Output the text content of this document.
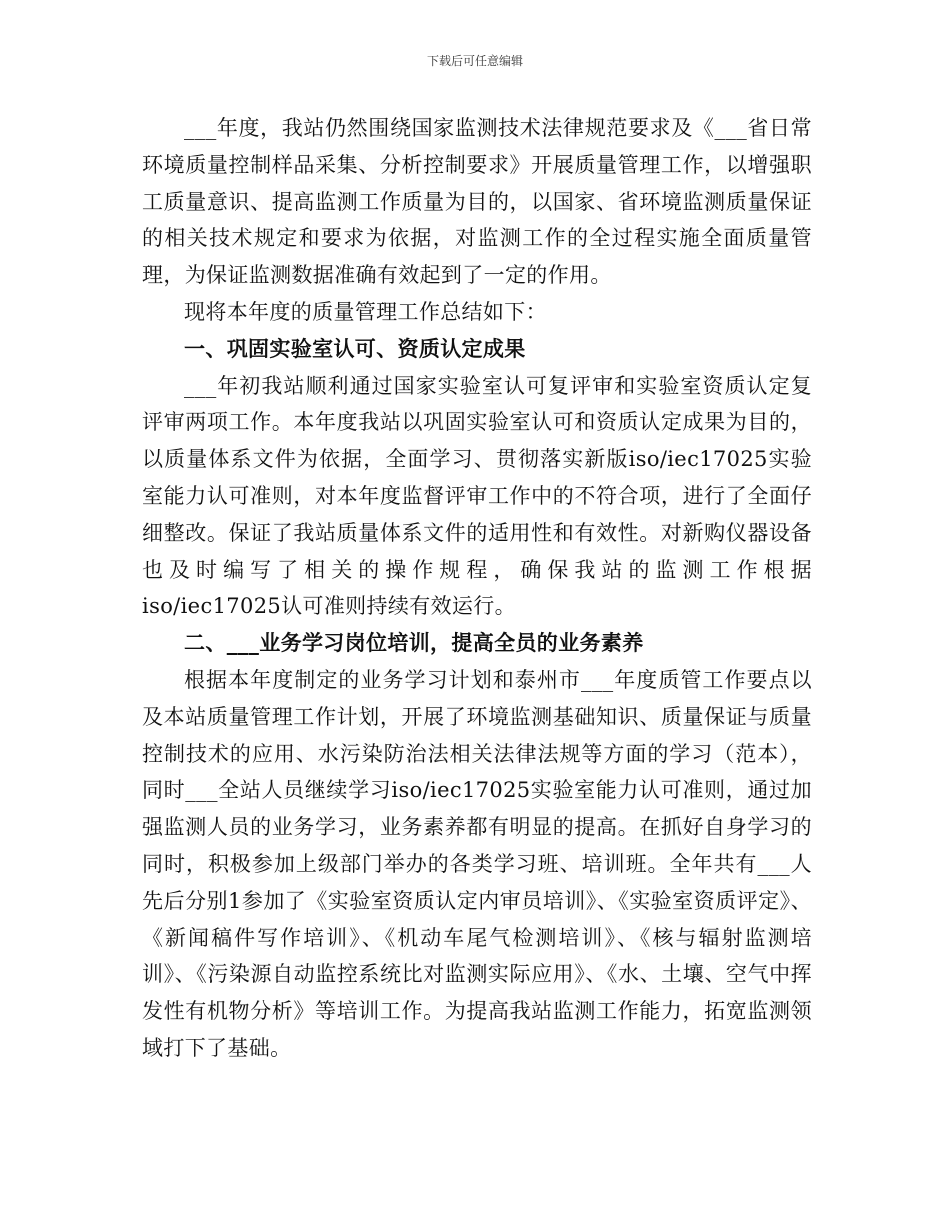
下载后可任意编辑

___年度，我站仍然围绕国家监测技术法律规范要求及《___省日常环境质量控制样品采集、分析控制要求》开展质量管理工作，以增强职工质量意识、提高监测工作质量为目的，以国家、省环境监测质量保证的相关技术规定和要求为依据，对监测工作的全过程实施全面质量管理，为保证监测数据准确有效起到了一定的作用。

现将本年度的质量管理工作总结如下：

一、巩固实验室认可、资质认定成果

___年初我站顺利通过国家实验室认可复评审和实验室资质认定复评审两项工作。本年度我站以巩固实验室认可和资质认定成果为目的，以质量体系文件为依据，全面学习、贯彻落实新版iso/iec17025实验室能力认可准则，对本年度监督评审工作中的不符合项，进行了全面仔细整改。保证了我站质量体系文件的适用性和有效性。对新购仪器设备也及时编写了相关的操作规程，确保我站的监测工作根据iso/iec17025认可准则持续有效运行。

二、___业务学习岗位培训，提高全员的业务素养

根据本年度制定的业务学习计划和泰州市___年度质管工作要点以及本站质量管理工作计划，开展了环境监测基础知识、质量保证与质量控制技术的应用、水污染防治法相关法律法规等方面的学习（范本），同时___全站人员继续学习iso/iec17025实验室能力认可准则，通过加强监测人员的业务学习，业务素养都有明显的提高。在抓好自身学习的同时，积极参加上级部门举办的各类学习班、培训班。全年共有___人先后分别1参加了《实验室资质认定内审员培训》、《实验室资质评定》、《新闻稿件写作培训》、《机动车尾气检测培训》、《核与辐射监测培训》、《污染源自动监控系统比对监测实际应用》、《水、土壤、空气中挥发性有机物分析》等培训工作。为提高我站监测工作能力，拓宽监测领域打下了基础。
